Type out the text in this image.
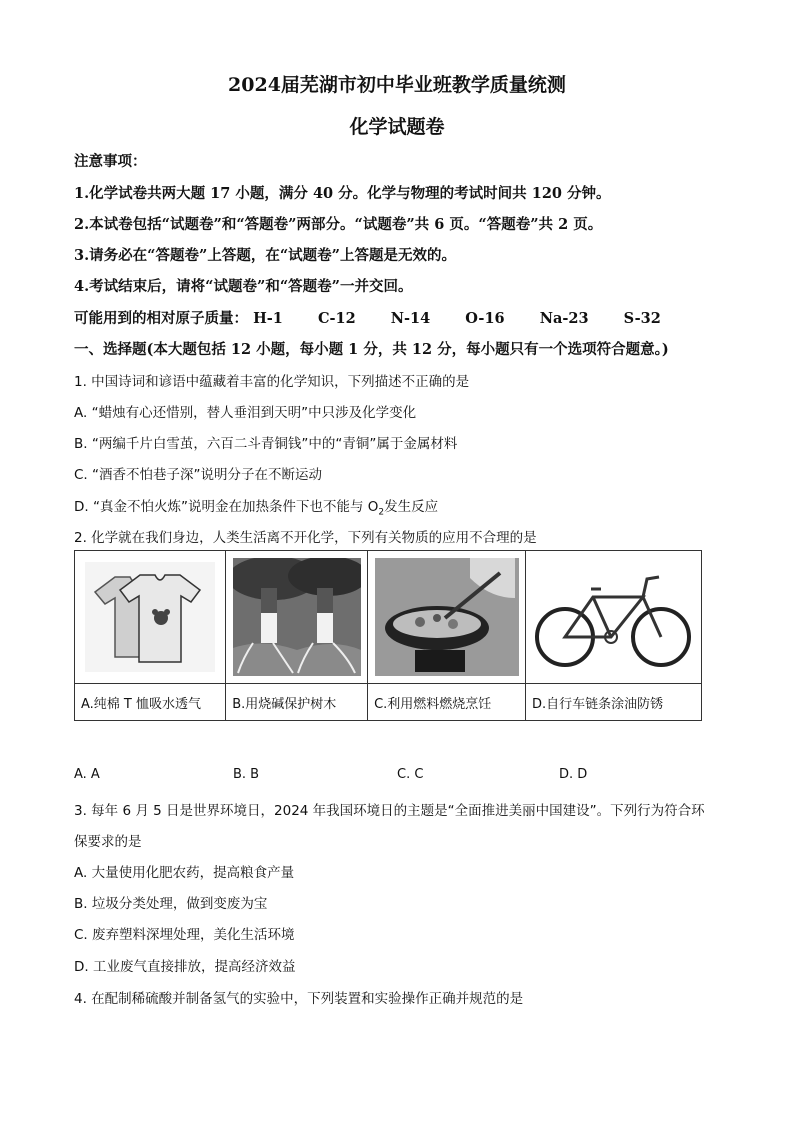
2024届芜湖市初中毕业班教学质量统测
化学试题卷
注意事项：
1.化学试卷共两大题 17 小题，满分 40 分。化学与物理的考试时间共 120 分钟。
2.本试卷包括“试题卷”和“答题卷”两部分。“试题卷”共 6 页。“答题卷”共 2 页。
3.请务必在“答题卷”上答题，在“试题卷”上答题是无效的。
4.考试结束后，请将“试题卷”和“答题卷”一并交回。
可能用到的相对原子质量： H-1 C-12 N-14 O-16 Na-23 S-32
一、选择题(本大题包括 12 小题，每小题 1 分，共 12 分，每小题只有一个选项符合题意。)
1. 中国诗词和谚语中蕴藏着丰富的化学知识，下列描述不正确的是
A. “蜡烛有心还惜别，替人垂泪到天明”中只涉及化学变化
B. “两编千片白雪茧，六百二斗青铜钱”中的“青铜”属于金属材料
C. “酒香不怕巷子深”说明分子在不断运动
D. “真金不怕火炼”说明金在加热条件下也不能与 $O_2$发生反应
2. 化学就在我们身边，人类生活离不开化学，下列有关物质的应用不合理的是

A.纯棉 T 恤吸水透气	B.用烧碱保护树木	C.利用燃料燃烧烹饪	D.自行车链条涂油防锈
A. A	B. B	C. C	D. D
3. 每年 6 月 5 日是世界环境日，2024 年我国环境日的主题是“全面推进美丽中国建设”。下列行为符合环
保要求的是
A. 大量使用化肥农药，提高粮食产量
B. 垃圾分类处理，做到变废为宝
C. 废弃塑料深埋处理，美化生活环境
D. 工业废气直接排放，提高经济效益
4. 在配制稀硫酸并制备氢气的实验中，下列装置和实验操作正确并规范的是
